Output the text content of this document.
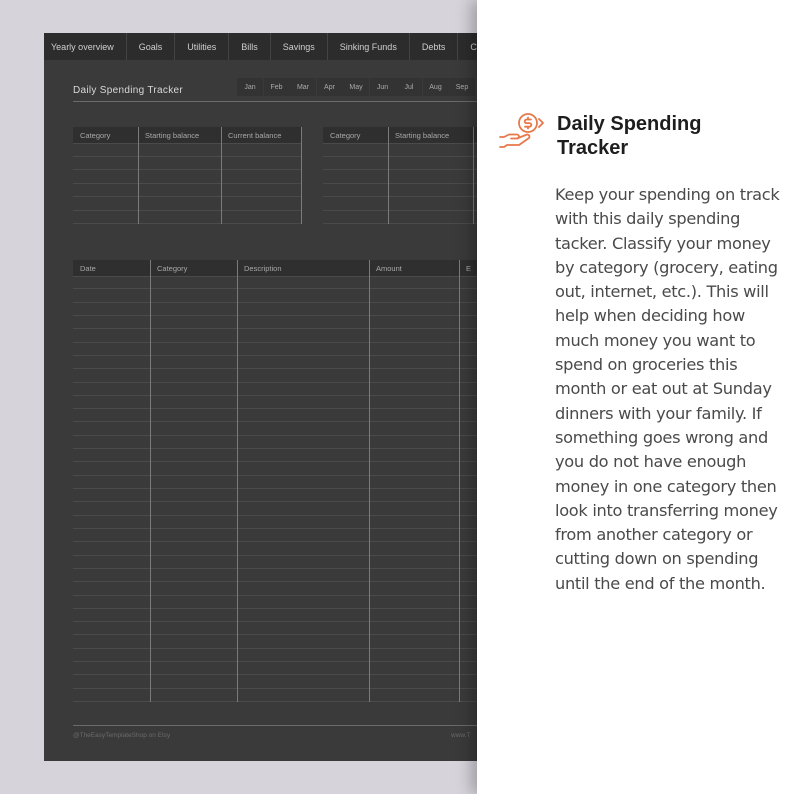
Yearly overview	Goals	Utilities	Bills	Savings	Sinking Funds	Debts	C
Daily Spending Tracker	Jan	Feb	Mar	Apr	May	Jun	Jul	Aug	Sep
Category	Starting balance	Current balance	Category	Starting balance
Date	Category	Description	Amount	E
@TheEasyTemplateShop on Etsy	www.T
Daily Spending Tracker
Keep your spending on track with this daily spending tacker. Classify your money by category (grocery, eating out, internet, etc.). This will help when deciding how much money you want to spend on groceries this month or eat out at Sunday dinners with your family. If something goes wrong and you do not have enough money in one category then look into transferring money from another category or cutting down on spending until the end of the month.
